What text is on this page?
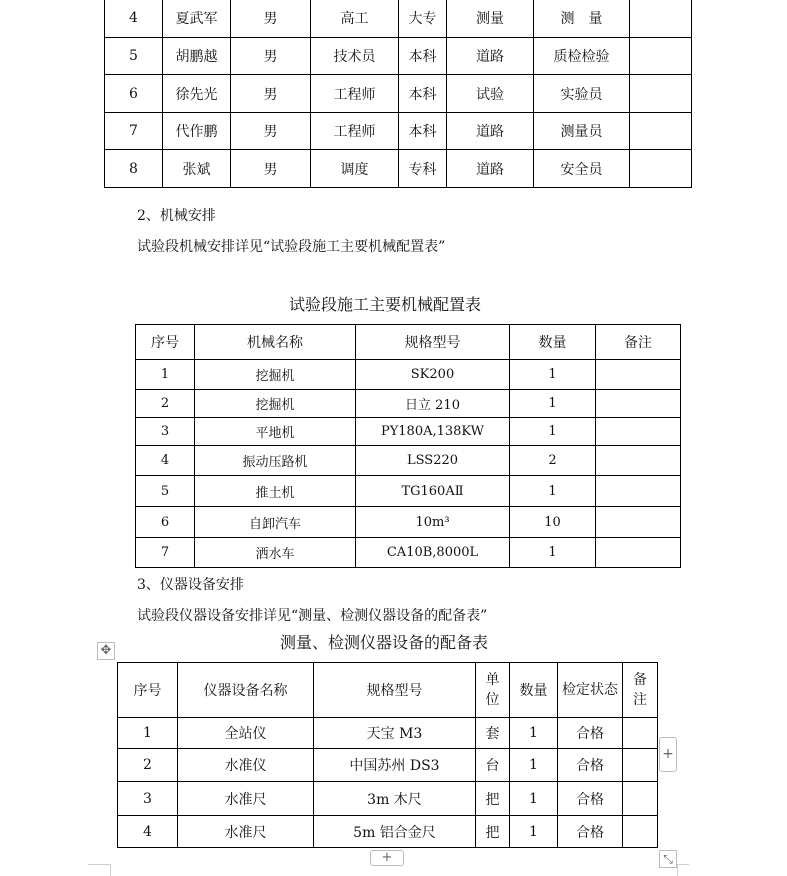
4	夏武军	男	高工	大专	测量	测　量	
5	胡鹏越	男	技术员	本科	道路	质检检验	
6	徐先光	男	工程师	本科	试验	实验员	
7	代作鹏	男	工程师	本科	道路	测量员	
8	张斌	男	调度	专科	道路	安全员	

2、机械安排

试验段机械安排详见“试验段施工主要机械配置表”

试验段施工主要机械配置表

序号	机械名称	规格型号	数量	备注
1	挖掘机	SK200	1	
2	挖掘机	日立 210	1	
3	平地机	PY180A,138KW	1	
4	振动压路机	LSS220	2	
5	推土机	TG160AⅡ	1	
6	自卸汽车	10m³	10	
7	洒水车	CA10B,8000L	1	

3、仪器设备安排

试验段仪器设备安排详见“测量、检测仪器设备的配备表”

测量、检测仪器设备的配备表

✥
序号	仪器设备名称	规格型号	单位	数量	检定状态	备注
1	全站仪	天宝 M3	套	1	合格	
2	水准仪	中国苏州 DS3	台	1	合格	
3	水准尺	3m 木尺	把	1	合格	
4	水准尺	5m 铝合金尺	把	1	合格	
+
+	⤡
